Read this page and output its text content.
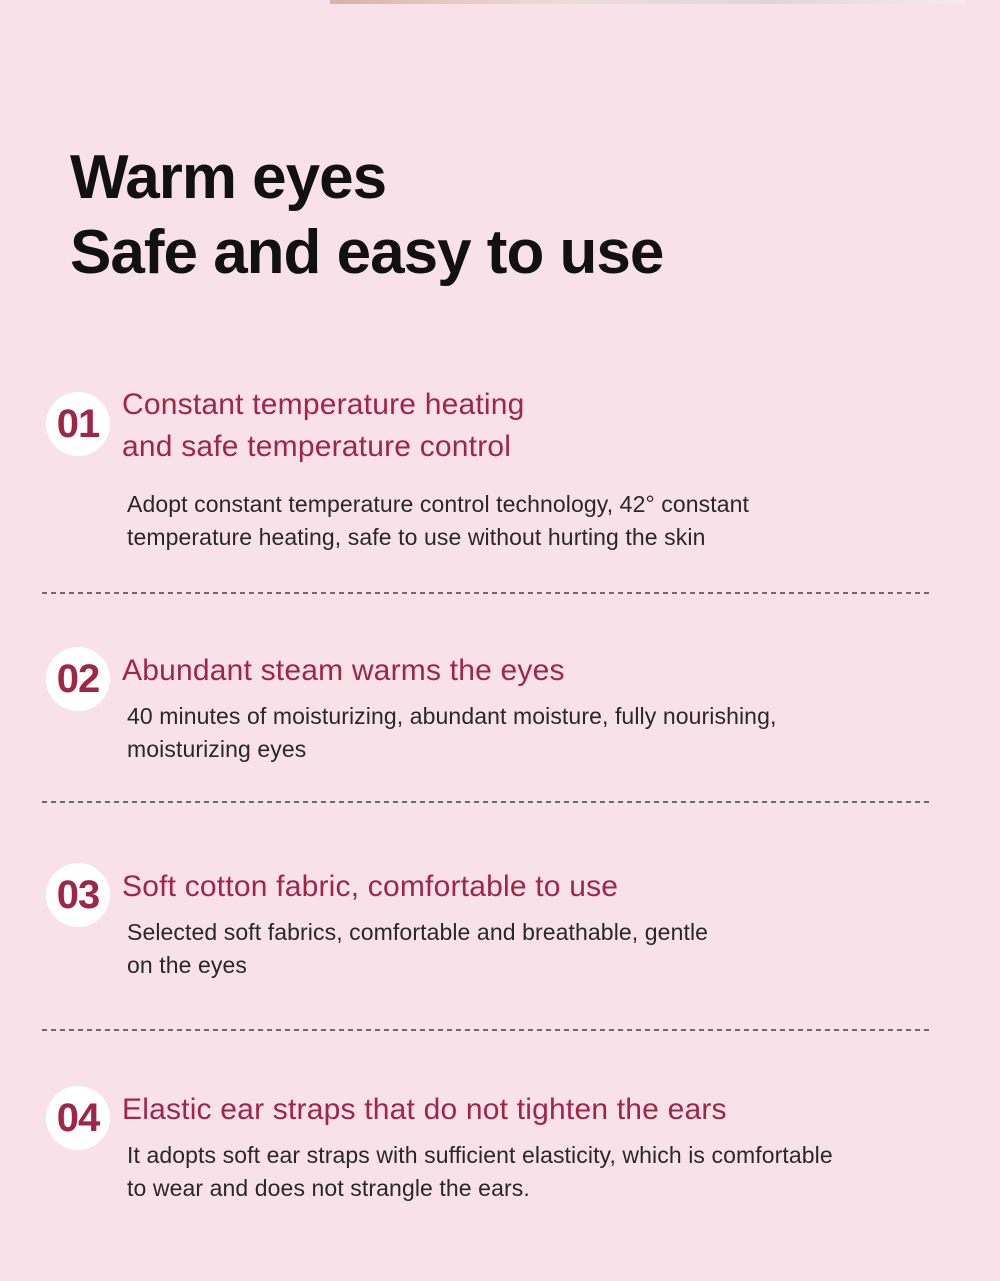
Warm eyes
Safe and easy to use
01 Constant temperature heating
and safe temperature control
Adopt constant temperature control technology, 42° constant
temperature heating, safe to use without hurting the skin
02 Abundant steam warms the eyes
40 minutes of moisturizing, abundant moisture, fully nourishing,
moisturizing eyes
03 Soft cotton fabric, comfortable to use
Selected soft fabrics, comfortable and breathable, gentle
on the eyes
04 Elastic ear straps that do not tighten the ears
It adopts soft ear straps with sufficient elasticity, which is comfortable
to wear and does not strangle the ears.
